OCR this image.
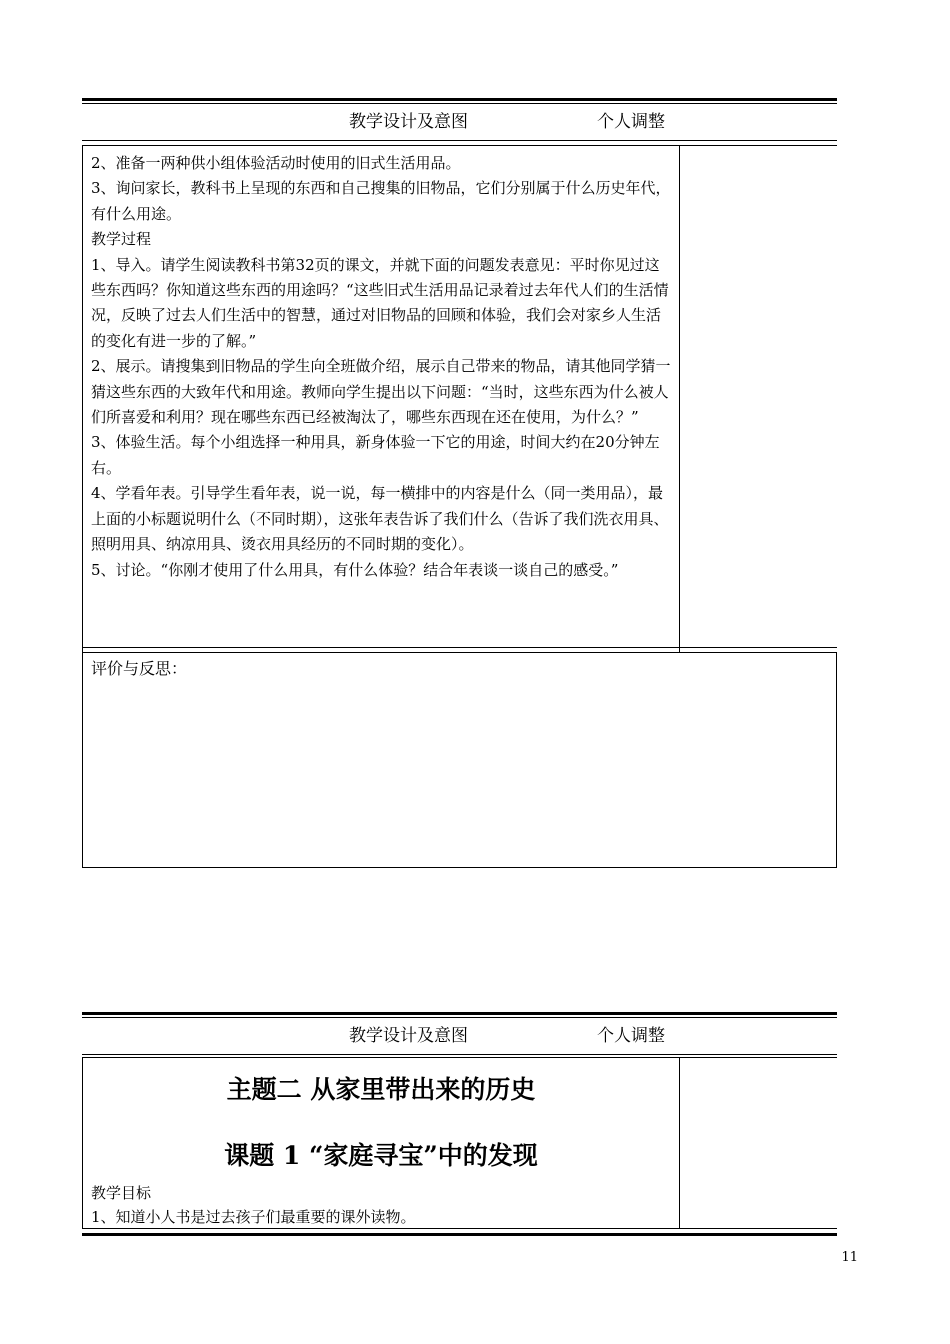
教学设计及意图	个人调整

2、准备一两种供小组体验活动时使用的旧式生活用品。

3、询问家长，教科书上呈现的东西和自己搜集的旧物品，它们分别属于什么历史年代，有什么用途。

教学过程

1、导入。请学生阅读教科书第32页的课文，并就下面的问题发表意见：平时你见过这些东西吗？你知道这些东西的用途吗？“这些旧式生活用品记录着过去年代人们的生活情况，反映了过去人们生活中的智慧，通过对旧物品的回顾和体验，我们会对家乡人生活的变化有进一步的了解。”

2、展示。请搜集到旧物品的学生向全班做介绍，展示自己带来的物品，请其他同学猜一猜这些东西的大致年代和用途。教师向学生提出以下问题：“当时，这些东西为什么被人们所喜爱和利用？现在哪些东西已经被淘汰了，哪些东西现在还在使用，为什么？”

3、体验生活。每个小组选择一种用具，新身体验一下它的用途，时间大约在20分钟左右。

4、学看年表。引导学生看年表，说一说，每一横排中的内容是什么（同一类用品），最上面的小标题说明什么（不同时期），这张年表告诉了我们什么（告诉了我们洗衣用具、照明用具、纳凉用具、烫衣用具经历的不同时期的变化）。

5、讨论。“你刚才使用了什么用具，有什么体验？结合年表谈一谈自己的感受。”

评价与反思：
教学设计及意图	个人调整
主题二 从家里带出来的历史
课题 1 “家庭寻宝”中的发现
教学目标
1、知道小人书是过去孩子们最重要的课外读物。
11
